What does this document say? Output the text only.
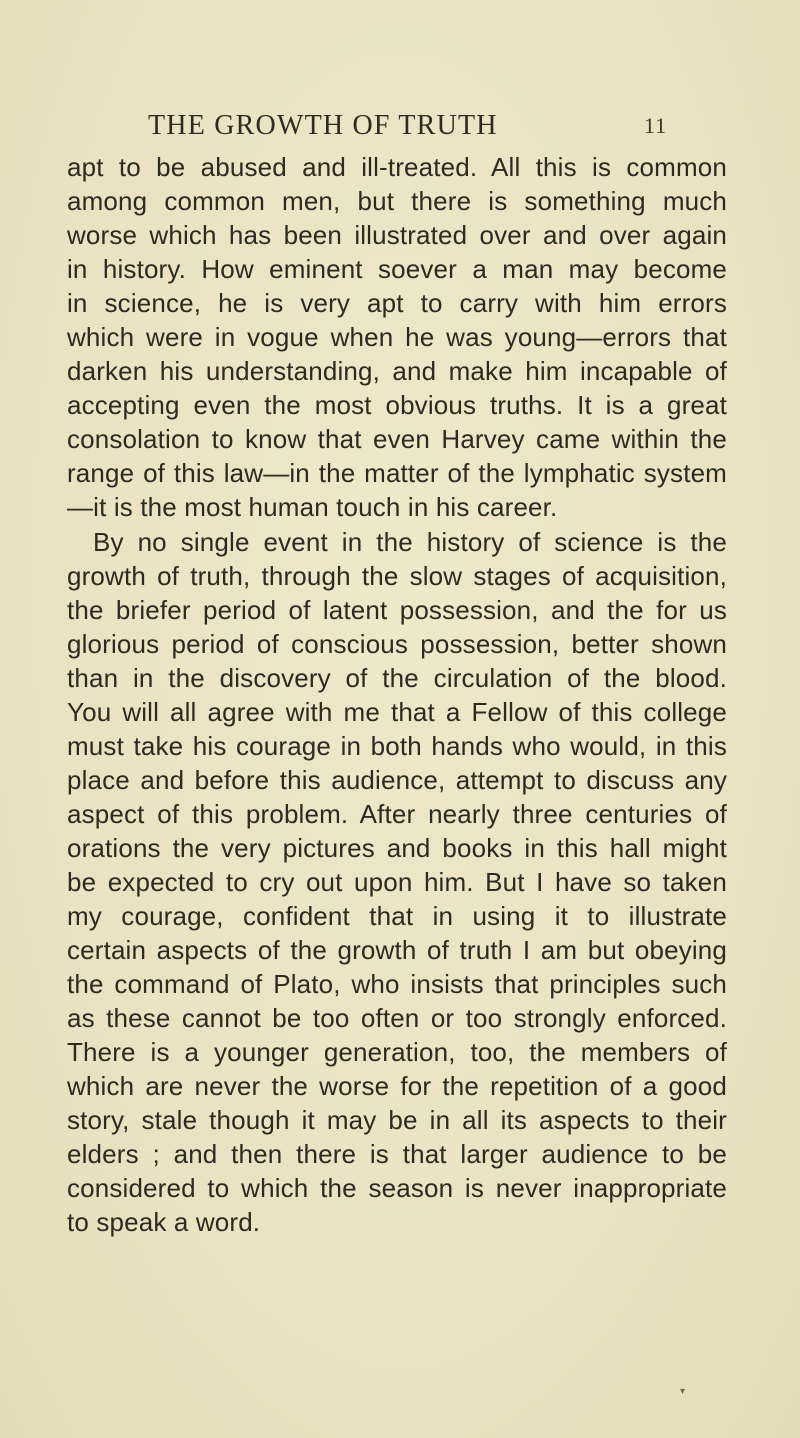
THE GROWTH OF TRUTH	11
apt to be abused and ill-treated. All this is common
among common men, but there is something much
worse which has been illustrated over and over again
in history. How eminent soever a man may become
in science, he is very apt to carry with him errors
which were in vogue when he was young—errors that
darken his understanding, and make him incapable of
accepting even the most obvious truths. It is a great
consolation to know that even Harvey came within the
range of this law—in the matter of the lymphatic system
—it is the most human touch in his career.
By no single event in the history of science is the
growth of truth, through the slow stages of acquisition,
the briefer period of latent possession, and the for us
glorious period of conscious possession, better shown
than in the discovery of the circulation of the blood.
You will all agree with me that a Fellow of this college
must take his courage in both hands who would, in this
place and before this audience, attempt to discuss any
aspect of this problem. After nearly three centuries of
orations the very pictures and books in this hall might
be expected to cry out upon him. But I have so taken
my courage, confident that in using it to illustrate
certain aspects of the growth of truth I am but obeying
the command of Plato, who insists that principles such
as these cannot be too often or too strongly enforced.
There is a younger generation, too, the members of
which are never the worse for the repetition of a good
story, stale though it may be in all its aspects to their
elders ; and then there is that larger audience to be
considered to which the season is never inappropriate
to speak a word.
▾
